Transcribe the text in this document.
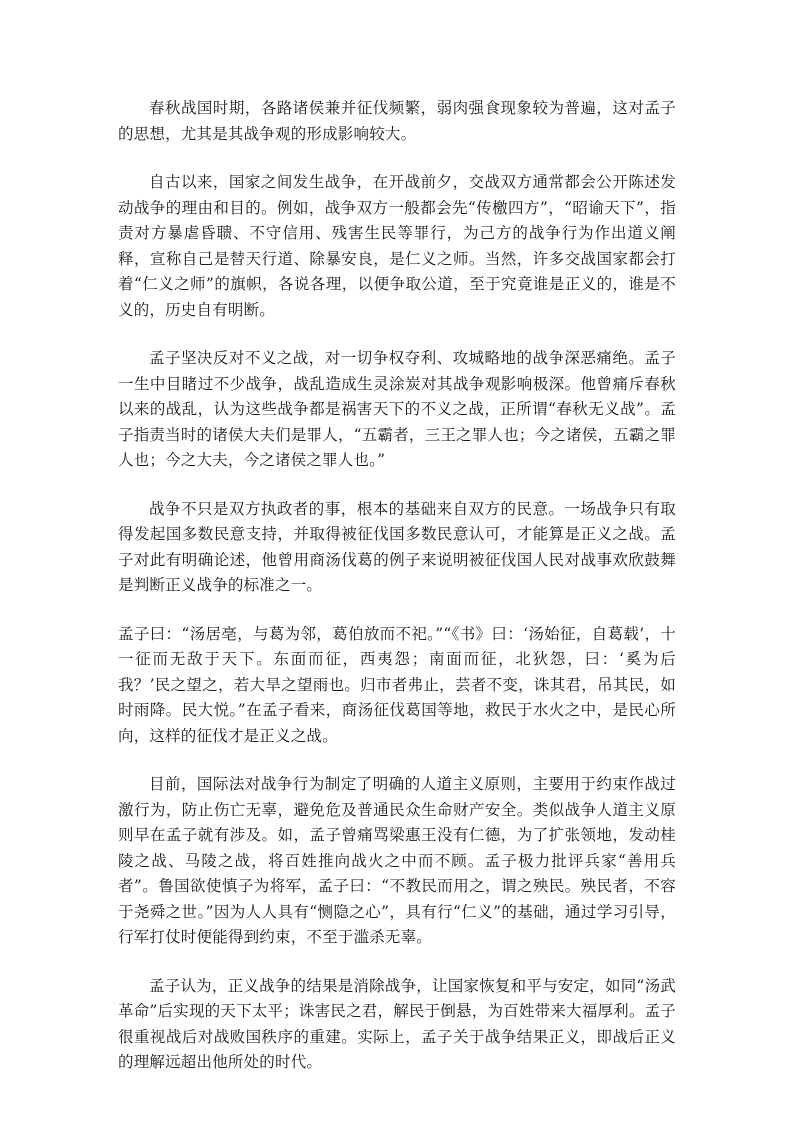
春秋战国时期，各路诸侯兼并征伐频繁，弱肉强食现象较为普遍，这对孟子的思想，尤其是其战争观的形成影响较大。

自古以来，国家之间发生战争，在开战前夕，交战双方通常都会公开陈述发动战争的理由和目的。例如，战争双方一般都会先“传檄四方”，“昭谕天下”，指责对方暴虐昏聩、不守信用、残害生民等罪行，为己方的战争行为作出道义阐释，宣称自己是替天行道、除暴安良，是仁义之师。当然，许多交战国家都会打着“仁义之师”的旗帜，各说各理，以便争取公道，至于究竟谁是正义的，谁是不义的，历史自有明断。

孟子坚决反对不义之战，对一切争权夺利、攻城略地的战争深恶痛绝。孟子一生中目睹过不少战争，战乱造成生灵涂炭对其战争观影响极深。他曾痛斥春秋以来的战乱，认为这些战争都是祸害天下的不义之战，正所谓“春秋无义战”。孟子指责当时的诸侯大夫们是罪人，“五霸者，三王之罪人也；今之诸侯，五霸之罪人也；今之大夫，今之诸侯之罪人也。”

战争不只是双方执政者的事，根本的基础来自双方的民意。一场战争只有取得发起国多数民意支持，并取得被征伐国多数民意认可，才能算是正义之战。孟子对此有明确论述，他曾用商汤伐葛的例子来说明被征伐国人民对战事欢欣鼓舞是判断正义战争的标准之一。

孟子曰：“汤居亳，与葛为邻，葛伯放而不祀。”“《书》曰：‘汤始征，自葛载’，十一征而无敌于天下。东面而征，西夷怨；南面而征，北狄怨，曰：‘奚为后我？’民之望之，若大旱之望雨也。归市者弗止，芸者不变，诛其君，吊其民，如时雨降。民大悦。”在孟子看来，商汤征伐葛国等地，救民于水火之中，是民心所向，这样的征伐才是正义之战。

目前，国际法对战争行为制定了明确的人道主义原则，主要用于约束作战过激行为，防止伤亡无辜，避免危及普通民众生命财产安全。类似战争人道主义原则早在孟子就有涉及。如，孟子曾痛骂梁惠王没有仁德，为了扩张领地，发动桂陵之战、马陵之战，将百姓推向战火之中而不顾。孟子极力批评兵家“善用兵者”。鲁国欲使慎子为将军，孟子曰：“不教民而用之，谓之殃民。殃民者，不容于尧舜之世。”因为人人具有“恻隐之心”，具有行“仁义”的基础，通过学习引导，行军打仗时便能得到约束，不至于滥杀无辜。

孟子认为，正义战争的结果是消除战争，让国家恢复和平与安定，如同“汤武革命”后实现的天下太平；诛害民之君，解民于倒悬，为百姓带来大福厚利。孟子很重视战后对战败国秩序的重建。实际上，孟子关于战争结果正义，即战后正义的理解远超出他所处的时代。
